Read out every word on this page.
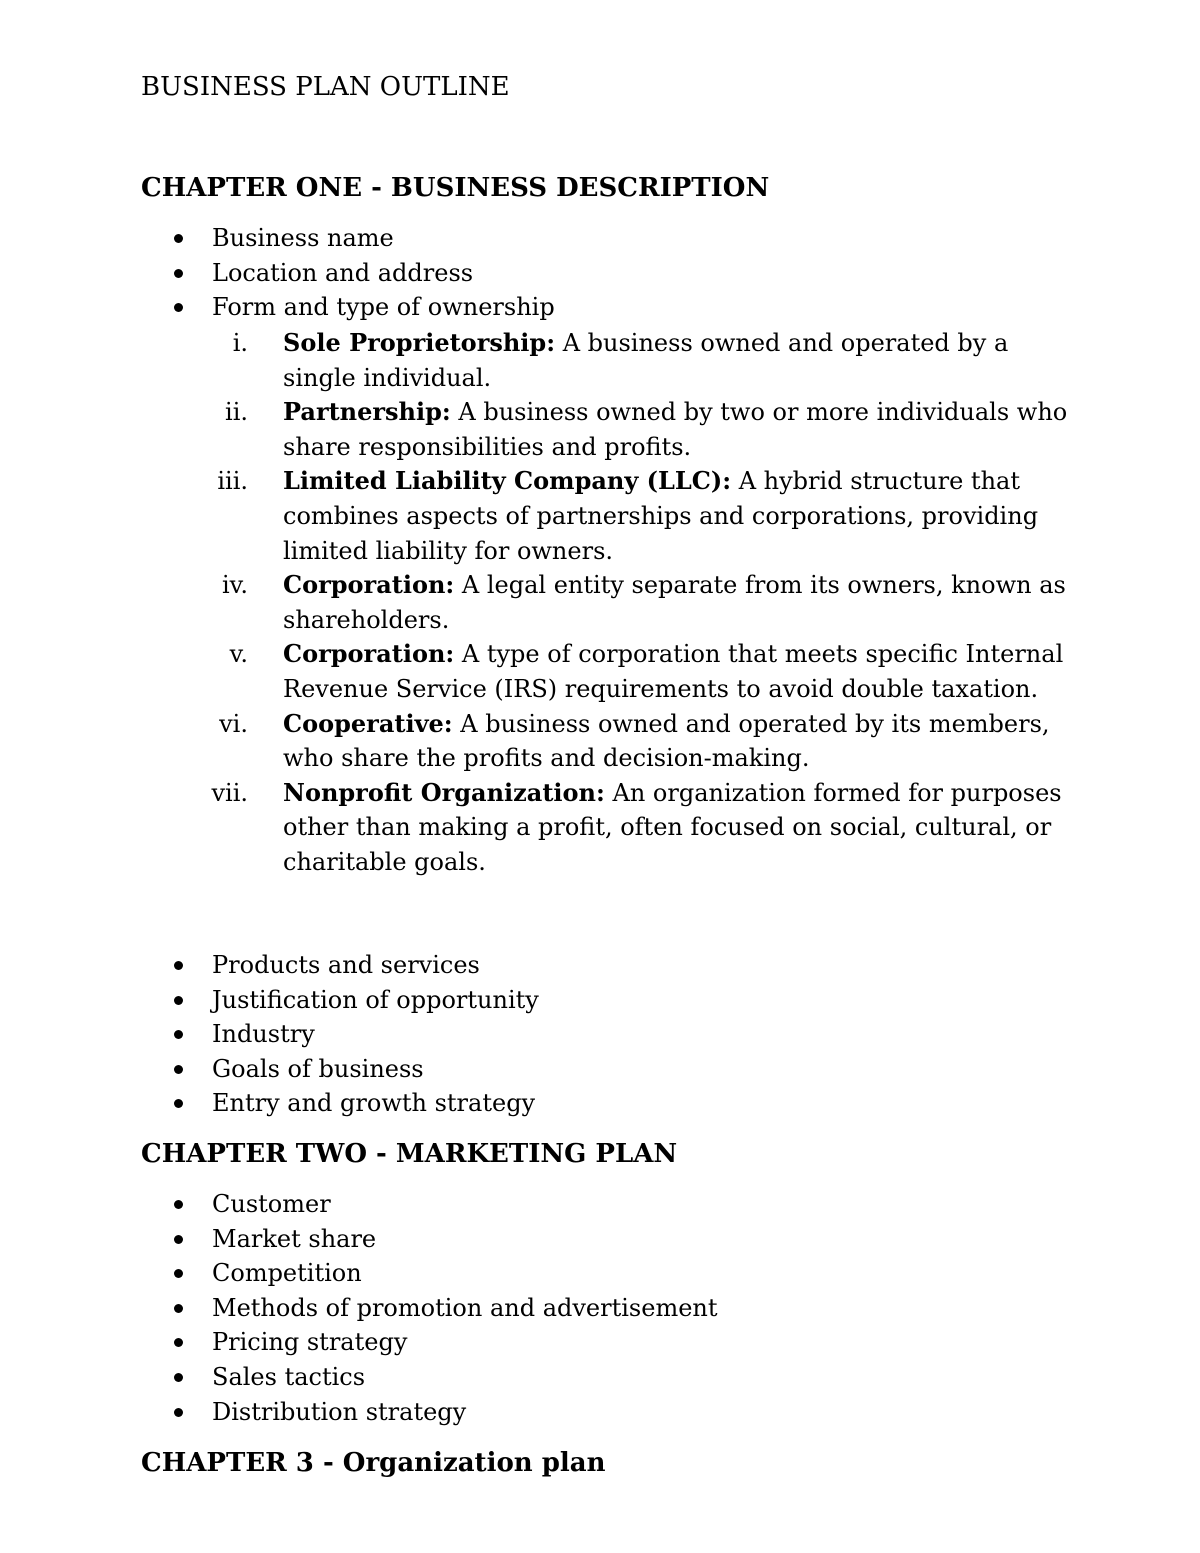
BUSINESS PLAN OUTLINE
CHAPTER ONE - BUSINESS DESCRIPTION
Business name
Location and address
Form and type of ownership
i. Sole Proprietorship: A business owned and operated by a single individual.
ii. Partnership: A business owned by two or more individuals who share responsibilities and profits.
iii. Limited Liability Company (LLC): A hybrid structure that combines aspects of partnerships and corporations, providing limited liability for owners.
iv. Corporation: A legal entity separate from its owners, known as shareholders.
v. Corporation: A type of corporation that meets specific Internal Revenue Service (IRS) requirements to avoid double taxation.
vi. Cooperative: A business owned and operated by its members, who share the profits and decision-making.
vii. Nonprofit Organization: An organization formed for purposes other than making a profit, often focused on social, cultural, or charitable goals.
Products and services
Justification of opportunity
Industry
Goals of business
Entry and growth strategy
CHAPTER TWO - MARKETING PLAN
Customer
Market share
Competition
Methods of promotion and advertisement
Pricing strategy
Sales tactics
Distribution strategy
CHAPTER 3 - Organization plan
